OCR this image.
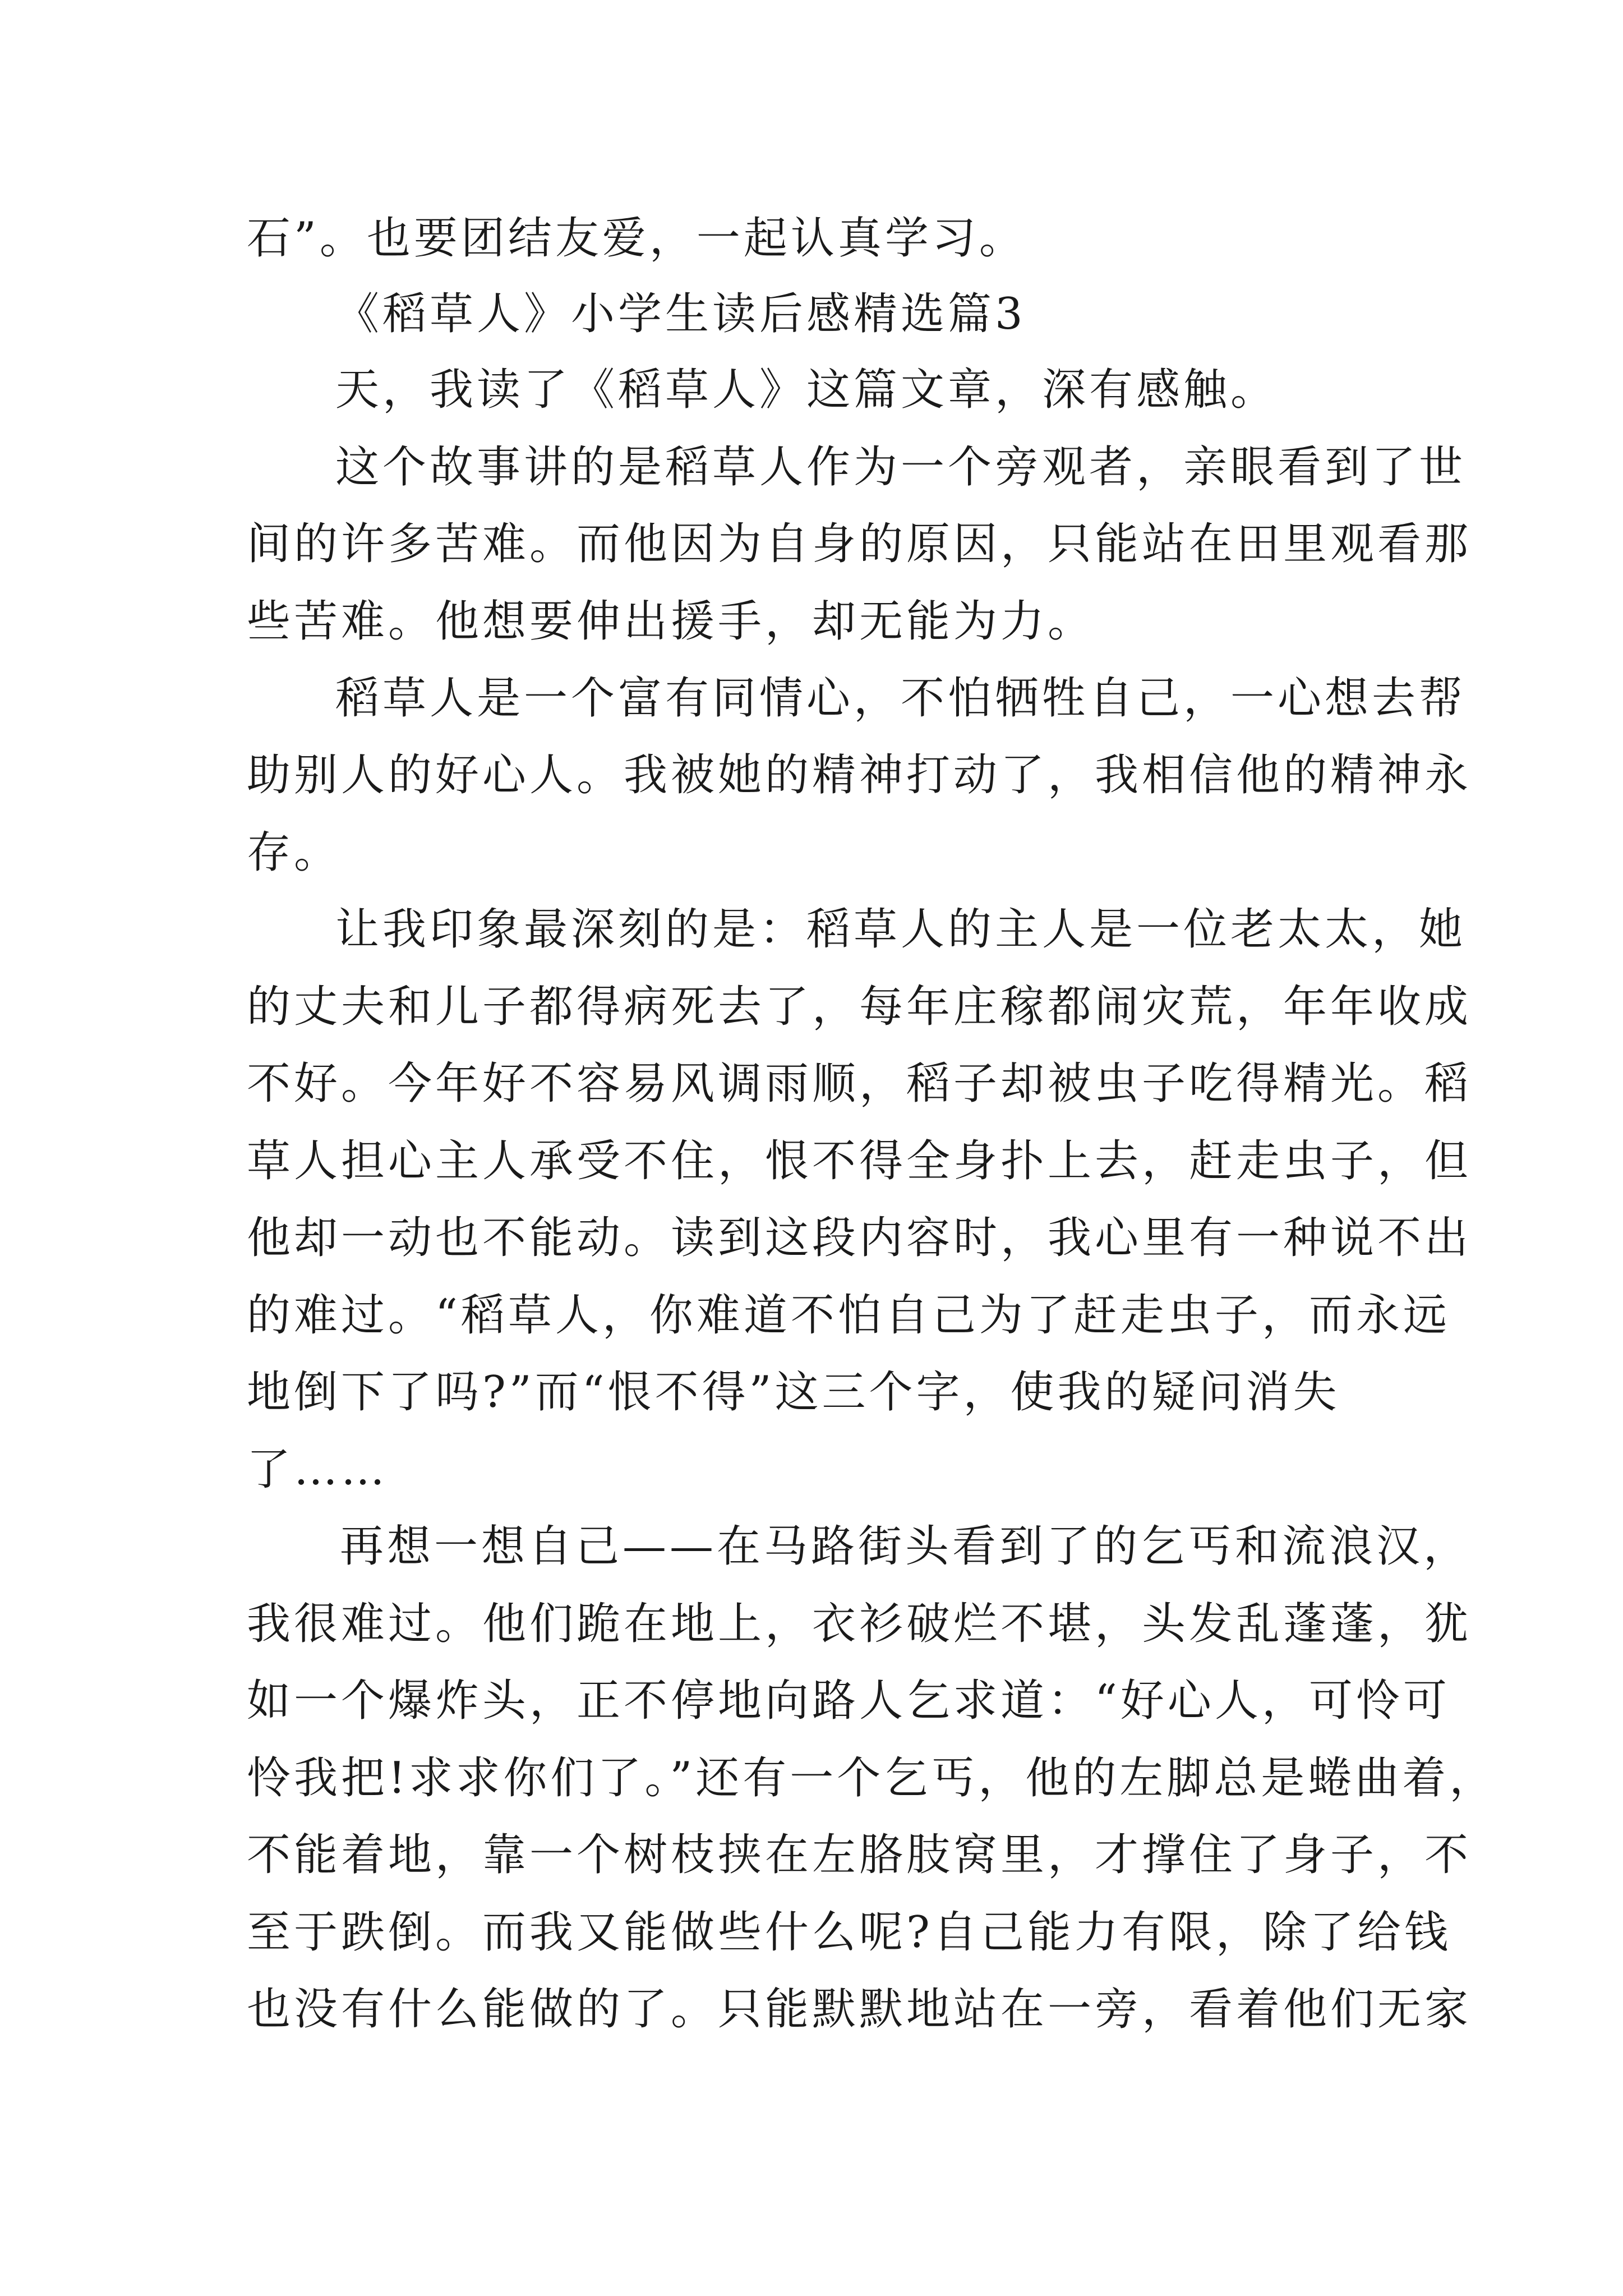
石”。也要团结友爱，一起认真学习。
《稻草人》小学生读后感精选篇3
天，我读了《稻草人》这篇文章，深有感触。
这个故事讲的是稻草人作为一个旁观者，亲眼看到了世
间的许多苦难。而他因为自身的原因，只能站在田里观看那
些苦难。他想要伸出援手，却无能为力。
稻草人是一个富有同情心，不怕牺牲自己，一心想去帮
助别人的好心人。我被她的精神打动了，我相信他的精神永
存。
让我印象最深刻的是：稻草人的主人是一位老太太，她
的丈夫和儿子都得病死去了，每年庄稼都闹灾荒，年年收成
不好。今年好不容易风调雨顺，稻子却被虫子吃得精光。稻
草人担心主人承受不住，恨不得全身扑上去，赶走虫子，但
他却一动也不能动。读到这段内容时，我心里有一种说不出
的难过。“稻草人，你难道不怕自己为了赶走虫子，而永远
地倒下了吗?”而“恨不得”这三个字，使我的疑问消失
了……
再想一想自己——在马路街头看到了的乞丐和流浪汉，
我很难过。他们跪在地上，衣衫破烂不堪，头发乱蓬蓬，犹
如一个爆炸头，正不停地向路人乞求道：“好心人，可怜可
怜我把!求求你们了。”还有一个乞丐，他的左脚总是蜷曲着，
不能着地，靠一个树枝挟在左胳肢窝里，才撑住了身子，不
至于跌倒。而我又能做些什么呢?自己能力有限，除了给钱
也没有什么能做的了。只能默默地站在一旁，看着他们无家
